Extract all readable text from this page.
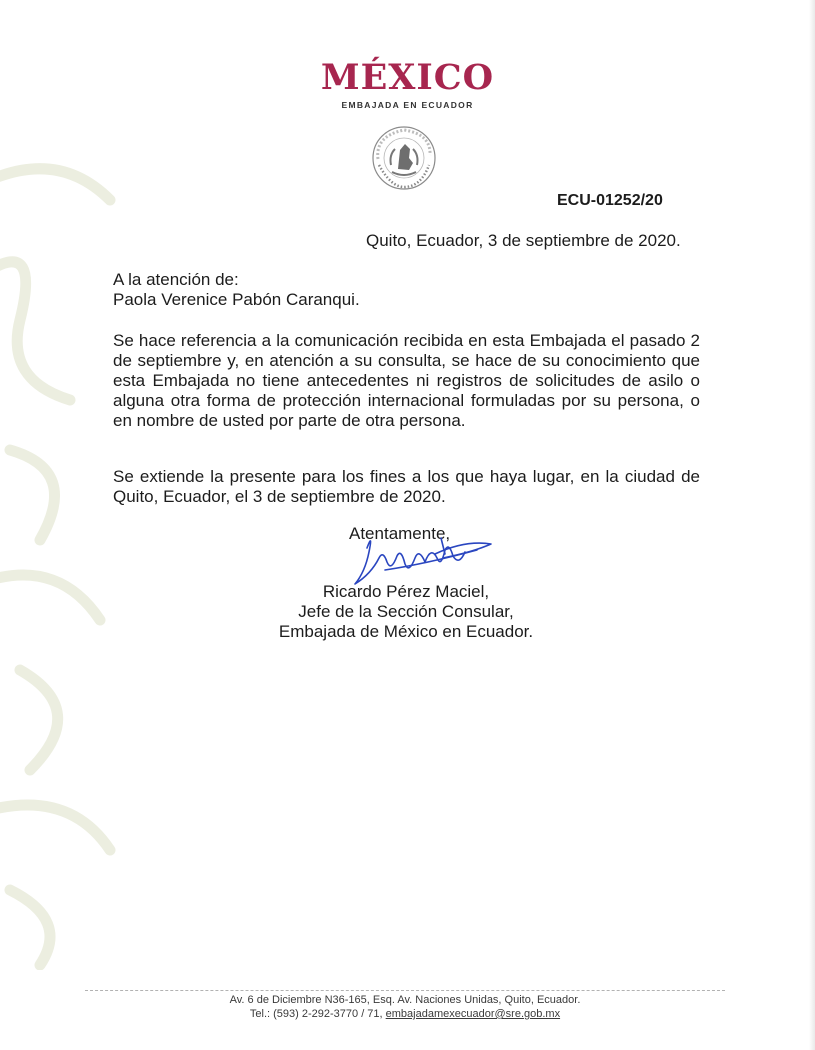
MÉXICO
EMBAJADA EN ECUADOR
ECU-01252/20
Quito, Ecuador, 3 de septiembre de 2020.
A la atención de:
Paola Verenice Pabón Caranqui.
Se hace referencia a la comunicación recibida en esta Embajada el pasado 2 de septiembre y, en atención a su consulta, se hace de su conocimiento que esta Embajada no tiene antecedentes ni registros de solicitudes de asilo o alguna otra forma de protección internacional formuladas por su persona, o en nombre de usted por parte de otra persona.
Se extiende la presente para los fines a los que haya lugar, en la ciudad de Quito, Ecuador, el 3 de septiembre de 2020.
Atentamente,
Ricardo Pérez Maciel,
Jefe de la Sección Consular,
Embajada de México en Ecuador.
Av. 6 de Diciembre N36-165, Esq. Av. Naciones Unidas, Quito, Ecuador.
Tel.: (593) 2-292-3770 / 71, embajadamexecuador@sre.gob.mx
